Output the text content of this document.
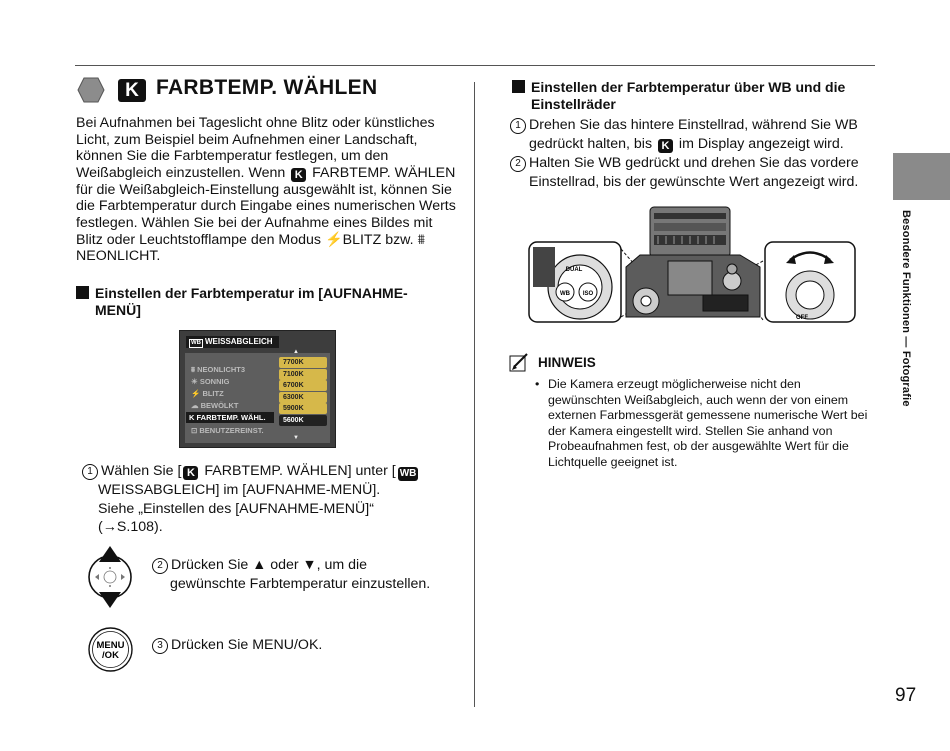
Besondere Funktionen — Fotografie
97
K FARBTEMP. WÄHLEN
Bei Aufnahmen bei Tageslicht ohne Blitz oder künstliches Licht, zum Beispiel beim Aufnehmen einer Landschaft, können Sie die Farbtemperatur festlegen, um den Weißabgleich einzustellen. Wenn K FARBTEMP. WÄHLEN für die Weißabgleich-Einstellung ausgewählt ist, können Sie die Farbtemperatur durch Eingabe eines numerischen Werts festlegen. Wählen Sie bei der Aufnahme eines Bildes mit Blitz oder Leuchtstofflampe den Modus ⚡BLITZ bzw. ⩩ NEONLICHT.
Einstellen der Farbtemperatur im [AUFNAHME-
MENÜ]
WB WEISSABGLEICH
⩩ NEONLICHT3
☀ SONNIG
⚡ BLITZ
☁ BEWÖLKT
K FARBTEMP. WÄHL.
⊡ BENUTZEREINST.
▲
7700K
7100K
6700K
6300K
5900K
5600K
▼
1 Wählen Sie [ K FARBTEMP. WÄHLEN] unter [ WB

WEISSABGLEICH] im [AUFNAHME-MENÜ].
Siehe „Einstellen des [AUFNAHME-MENÜ]“
(→S.108).
2 Drücken Sie ▲ oder ▼, um die

gewünschte Farbtemperatur einzustellen.
MENU
/OK
3 Drücken Sie MENU/OK.
Einstellen der Farbtemperatur über WB und die
Einstellräder
1 Drehen Sie das hintere Einstellrad, während Sie WB

gedrückt halten, bis K im Display angezeigt wird.
2 Halten Sie WB gedrückt und drehen Sie das vordere

Einstellrad, bis der gewünschte Wert angezeigt wird.
WB ISO
DUAL
OFF
HINWEIS
• Die Kamera erzeugt möglicherweise nicht den gewünschten Weißabgleich, auch wenn der von einem externen Farbmessgerät gemessene numerische Wert bei der Kamera eingestellt wird. Stellen Sie anhand von Probeaufnahmen fest, ob der ausgewählte Wert für die Lichtquelle geeignet ist.
